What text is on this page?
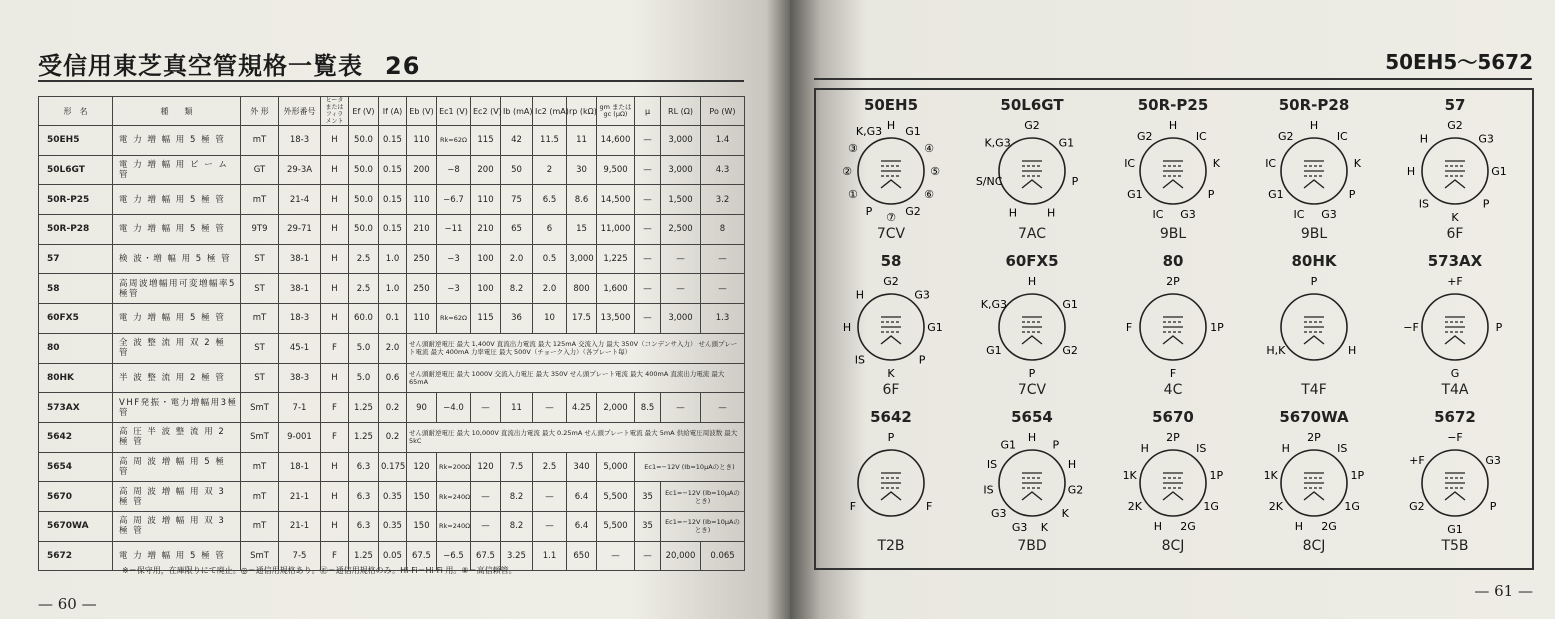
受信用東芝真空管規格一覧表 26
形　名	種　　類	外 形	外形番号	ヒータまたはフィラメント	Ef (V)	If (A)	Eb (V)	Ec1 (V)	Ec2 (V)	Ib (mA)	Ic2 (mA)	rp (kΩ)	gm または gc (μΩ)	μ	RL (Ω)	Po (W)
50EH5	電 力 増 幅 用 5 極 管	mT	18-3	H	50.0	0.15	110	Rk=62Ω	115	42	11.5	11	14,600	—	3,000	1.4
50L6GT	電 力 増 幅 用 ビ ー ム 管	GT	29-3A	H	50.0	0.15	200	−8	200	50	2	30	9,500	—	3,000	4.3
50R-P25	電 力 増 幅 用 5 極 管	mT	21-4	H	50.0	0.15	110	−6.7	110	75	6.5	8.6	14,500	—	1,500	3.2
50R-P28	電 力 増 幅 用 5 極 管	9T9	29-71	H	50.0	0.15	210	−11	210	65	6	15	11,000	—	2,500	8
57	検 波・増 幅 用 5 極 管	ST	38-1	H	2.5	1.0	250	−3	100	2.0	0.5	3,000	1,225	—	—	—
58	高周波増幅用可変増幅率5極管	ST	38-1	H	2.5	1.0	250	−3	100	8.2	2.0	800	1,600	—	—	—
60FX5	電 力 増 幅 用 5 極 管	mT	18-3	H	60.0	0.1	110	Rk=62Ω	115	36	10	17.5	13,500	—	3,000	1.3
80	全 波 整 流 用 双 2 極 管	ST	45-1	F	5.0	2.0	せん頭耐逆電圧 最大 1,400V 直流出力電流 最大 125mA 交流入力 最大 350V（コンデンサ入力） せん頭プレート電流 最大 400mA 力率電圧 最大 500V（チョーク入力）（各プレート毎）									
80HK	半 波 整 流 用 2 極 管	ST	38-3	H	5.0	0.6	せん頭耐逆電圧 最大 1000V 交流入力電圧 最大 350V せん頭プレート電流 最大 400mA 直流出力電流 最大 65mA									
573AX	VHF発振・電力増幅用3極管	SmT	7-1	F	1.25	0.2	90	−4.0	—	11	—	4.25	2,000	8.5	—	—
5642	高 圧 半 波 整 流 用 2 極 管	SmT	9-001	F	1.25	0.2	せん頭耐逆電圧 最大 10,000V 直流出力電流 最大 0.25mA せん頭プレート電流 最大 5mA 供給電圧周波数 最大 5kC									
5654	高 周 波 増 幅 用 5 極 管	mT	18-1	H	6.3	0.175	120	Rk=200Ω	120	7.5	2.5	340	5,000	Ec1=−12V (Ib=10μAのとき)		
5670	高 周 波 増 幅 用 双 3 極 管	mT	21-1	H	6.3	0.35	150	Rk=240Ω	—	8.2	—	6.4	5,500	35	Ec1=−12V (Ib=10μAのとき)	
5670WA	高 周 波 増 幅 用 双 3 極 管	mT	21-1	H	6.3	0.35	150	Rk=240Ω	—	8.2	—	6.4	5,500	35	Ec1=−12V (Ib=10μAのとき)	
5672	電 力 増 幅 用 5 極 管	SmT	7-5	F	1.25	0.05	67.5	−6.5	67.5	3.25	1.1	650	—	—	20,000	0.065
※＝保守用，在庫限りにて廃止。◎＝通信用規格あり。㊣＝通信用規格のみ。Hi-Fi＝Hi-Fi 用。⑧＝高信頼管。
— 60 —
50EH5〜5672
50EH5
H G1
④
⑤
⑥
G2
⑦
P
①
②
③
K,G3
7CV
50L6GT
G2
G1
P
H
H
S/NC
K,G3
7AC
50R-P25
H
IC
K
P
G3
IC
G1
IC
G2
9BL
50R-P28
H
IC
K
P
G3
IC
G1
IC
G2
9BL
57
G2
G3
G1
P
K
IS
H
H
6F
58
G2
G3
G1
P
K
IS
H
H
6F
60FX5
H
G1
G2
P
G1
K,G3
7CV
80
2P
1P
F
F
4C
80HK
P
H
H,K
T4F
573AX
+F
P
G
−F
T4A
5642
P
F
F
T2B
5654
H
P
H
G2
K
K
G3
G3
IS
IS
G1
7BD
5670
2P
IS
1P
1G
2G
H
2K
1K
H
8CJ
5670WA
2P
IS
1P
1G
2G
H
2K
1K
H
8CJ
5672
−F
G3
P
G1
G2
+F
T5B
— 61 —
